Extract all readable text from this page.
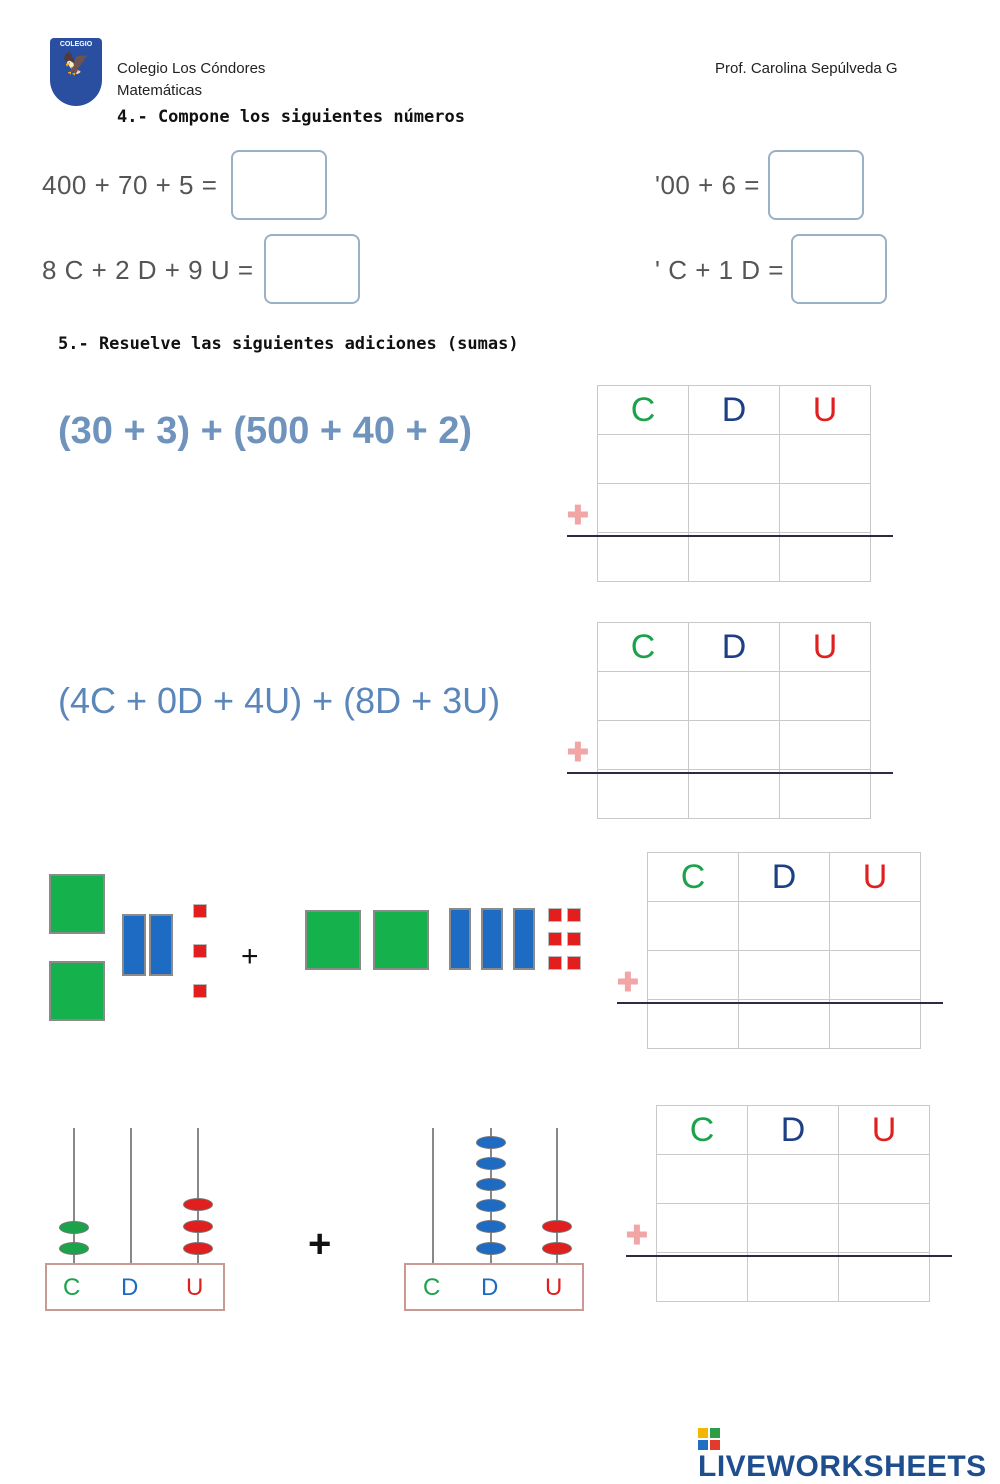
COLEGIO
🦅	Colegio Los Cóndores
Matemáticas
Prof. Carolina Sepúlveda G
4.- Compone los siguientes números
400 + 70 + 5 =	'00 + 6 =
8 C + 2 D + 9 U =	' C + 1 D =
5.- Resuelve las siguientes adiciones (sumas)
(30 + 3) + (500 + 40 + 2)
C	D	U

✚
(4C + 0D + 4U) + (8D + 3U)
C	D	U

✚
+
C	D	U

✚
C D U
+
C D U
C	D	U

✚
LIVEWORKSHEETS
